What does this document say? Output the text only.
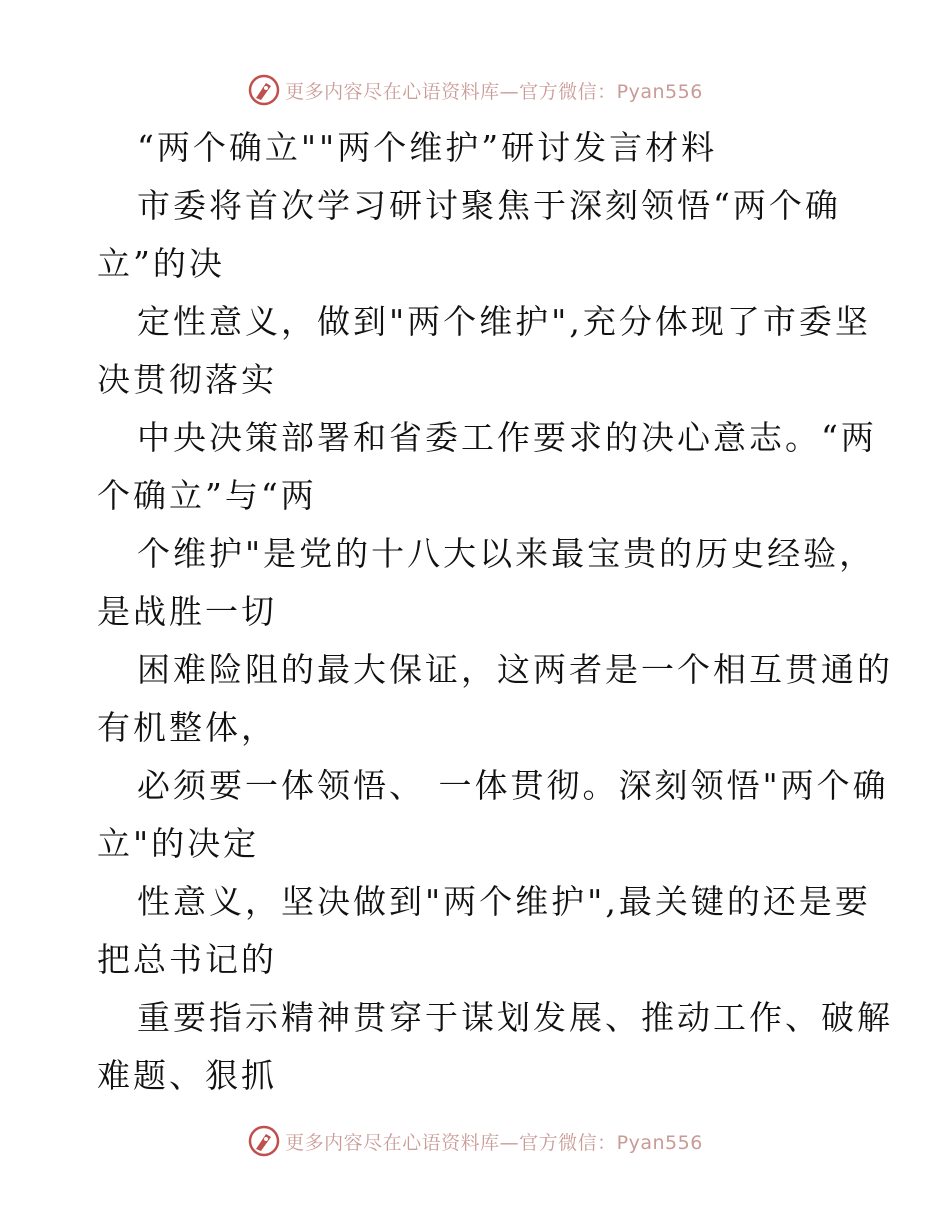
更多内容尽在心语资料库—官方微信：Pyan556
“两个确立""两个维护”研讨发言材料
市委将首次学习研讨聚焦于深刻领悟“两个确
立”的决
定性意义，做到"两个维护",充分体现了市委坚
决贯彻落实
中央决策部署和省委工作要求的决心意志。“两
个确立”与“两
个维护"是党的十八大以来最宝贵的历史经验，
是战胜一切
困难险阻的最大保证，这两者是一个相互贯通的
有机整体，
必须要一体领悟、 一体贯彻。深刻领悟"两个确
立"的决定
性意义，坚决做到"两个维护",最关键的还是要
把总书记的
重要指示精神贯穿于谋划发展、推动工作、破解
难题、狠抓
更多内容尽在心语资料库—官方微信：Pyan556
